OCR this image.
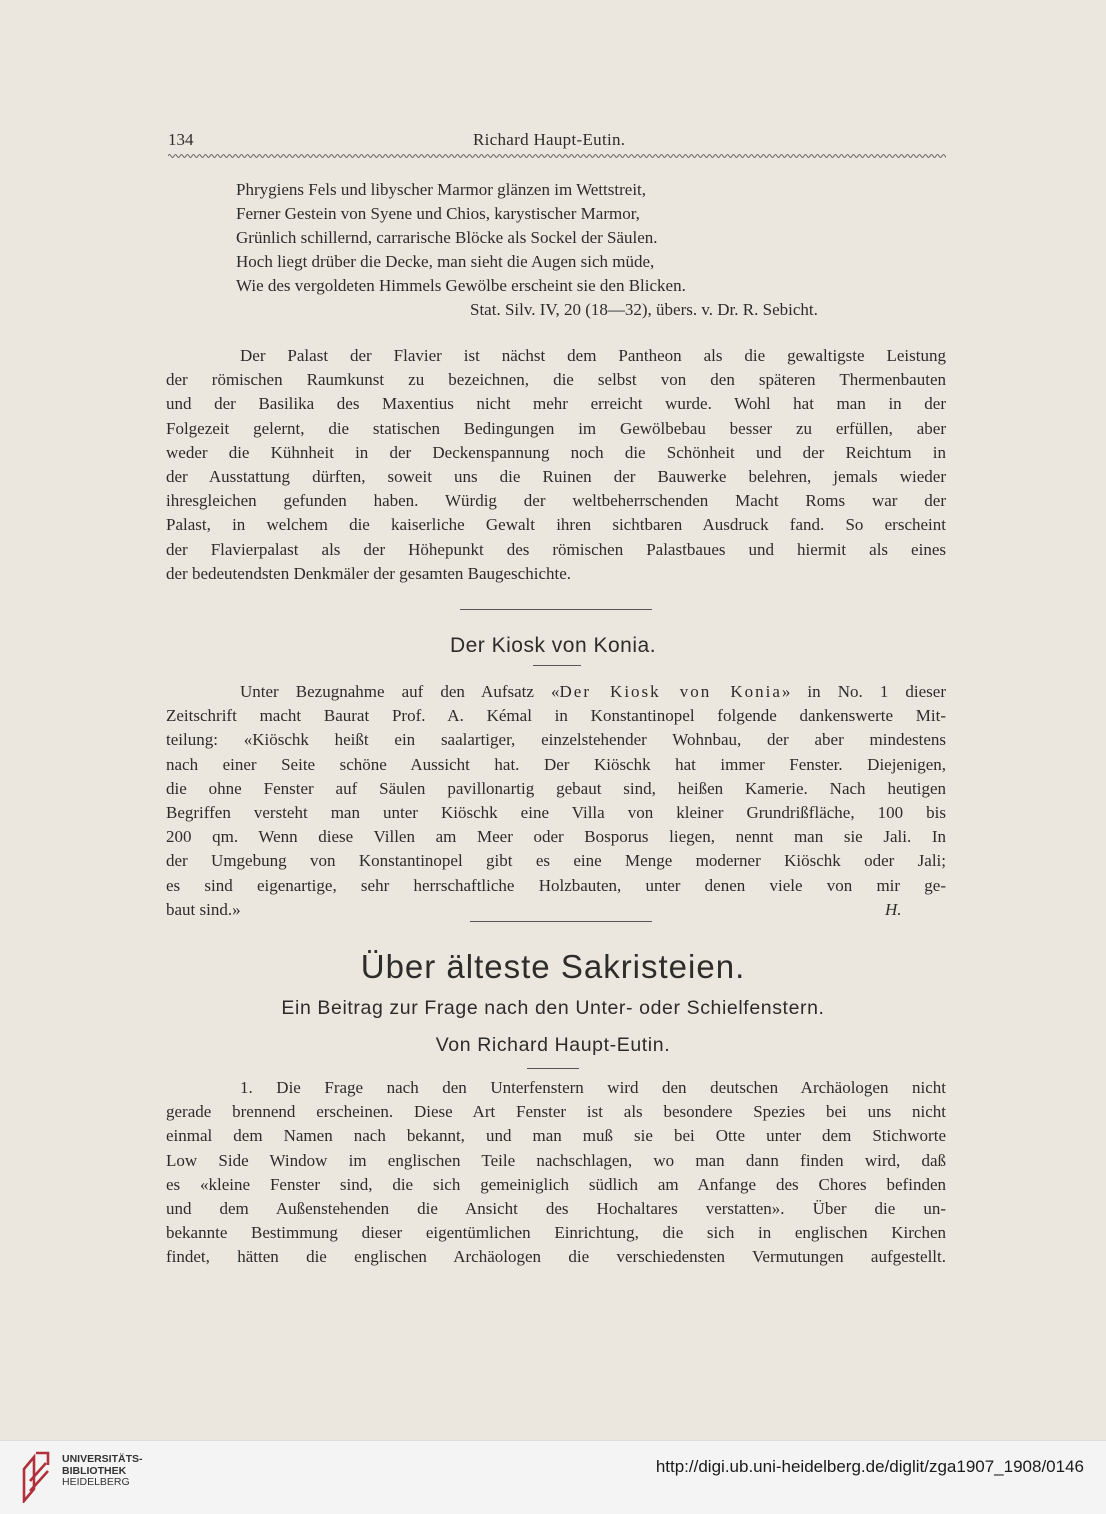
134	Richard Haupt-Eutin.
Phrygiens Fels und libyscher Marmor glänzen im Wettstreit,
Ferner Gestein von Syene und Chios, karystischer Marmor,
Grünlich schillernd, carrarische Blöcke als Sockel der Säulen.
Hoch liegt drüber die Decke, man sieht die Augen sich müde,
Wie des vergoldeten Himmels Gewölbe erscheint sie den Blicken.
Stat. Silv. IV, 20 (18—32), übers. v. Dr. R. Sebicht.
Der Palast der Flavier ist nächst dem Pantheon als die gewaltigste Leistung
der römischen Raumkunst zu bezeichnen, die selbst von den späteren Thermenbauten
und der Basilika des Maxentius nicht mehr erreicht wurde. Wohl hat man in der
Folgezeit gelernt, die statischen Bedingungen im Gewölbebau besser zu erfüllen, aber
weder die Kühnheit in der Deckenspannung noch die Schönheit und der Reichtum in
der Ausstattung dürften, soweit uns die Ruinen der Bauwerke belehren, jemals wieder
ihresgleichen gefunden haben. Würdig der weltbeherrschenden Macht Roms war der
Palast, in welchem die kaiserliche Gewalt ihren sichtbaren Ausdruck fand. So erscheint
der Flavierpalast als der Höhepunkt des römischen Palastbaues und hiermit als eines
der bedeutendsten Denkmäler der gesamten Baugeschichte.
Der Kiosk von Konia.
Unter Bezugnahme auf den Aufsatz «Der Kiosk von Konia» in No. 1 dieser
Zeitschrift macht Baurat Prof. A. Kémal in Konstantinopel folgende dankenswerte Mit-
teilung: «Kiöschk heißt ein saalartiger, einzelstehender Wohnbau, der aber mindestens
nach einer Seite schöne Aussicht hat. Der Kiöschk hat immer Fenster. Diejenigen,
die ohne Fenster auf Säulen pavillonartig gebaut sind, heißen Kamerie. Nach heutigen
Begriffen versteht man unter Kiöschk eine Villa von kleiner Grundrißfläche, 100 bis
200 qm. Wenn diese Villen am Meer oder Bosporus liegen, nennt man sie Jali. In
der Umgebung von Konstantinopel gibt es eine Menge moderner Kiöschk oder Jali;
es sind eigenartige, sehr herrschaftliche Holzbauten, unter denen viele von mir ge-
baut sind.»	H.
Über älteste Sakristeien.
Ein Beitrag zur Frage nach den Unter- oder Schielfenstern.
Von Richard Haupt-Eutin.
1. Die Frage nach den Unterfenstern wird den deutschen Archäologen nicht
gerade brennend erscheinen. Diese Art Fenster ist als besondere Spezies bei uns nicht
einmal dem Namen nach bekannt, und man muß sie bei Otte unter dem Stichworte
Low Side Window im englischen Teile nachschlagen, wo man dann finden wird, daß
es «kleine Fenster sind, die sich gemeiniglich südlich am Anfange des Chores befinden
und dem Außenstehenden die Ansicht des Hochaltares verstatten». Über die un-
bekannte Bestimmung dieser eigentümlichen Einrichtung, die sich in englischen Kirchen
findet, hätten die englischen Archäologen die verschiedensten Vermutungen aufgestellt.
UNIVERSITÄTS-
BIBLIOTHEK
HEIDELBERG
http://digi.ub.uni-heidelberg.de/diglit/zga1907_1908/0146
